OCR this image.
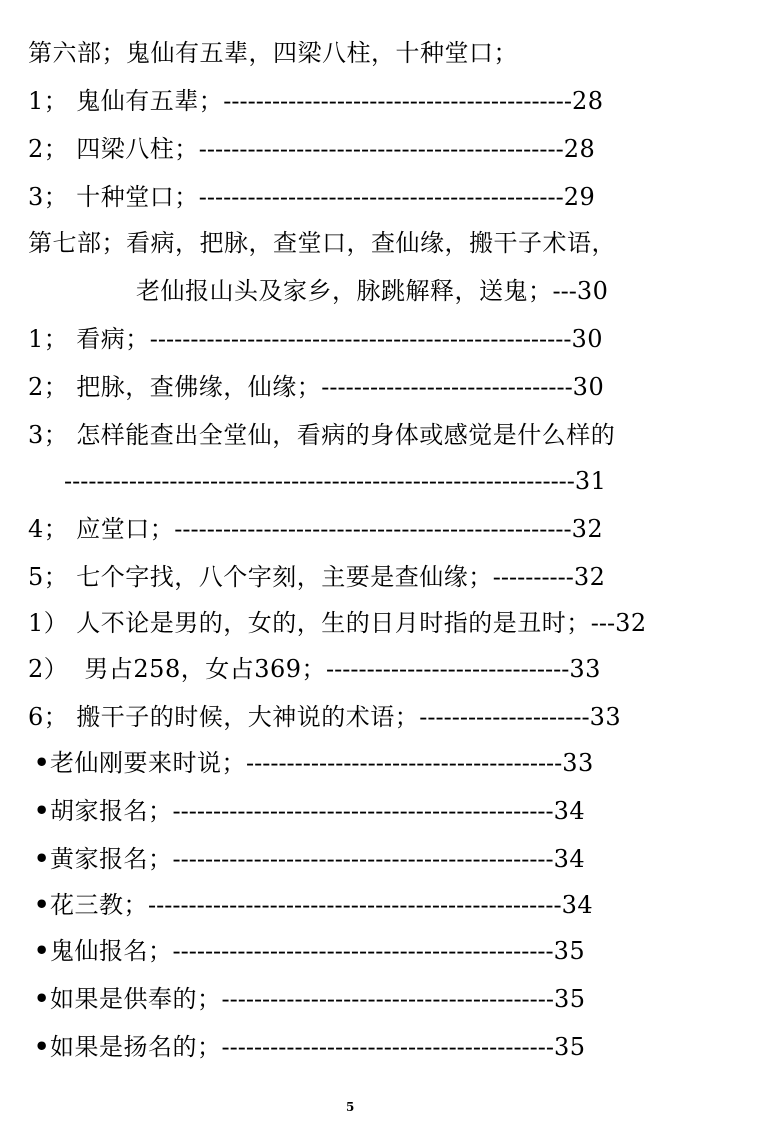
第六部；鬼仙有五辈，四梁八柱，十种堂口；
1； 鬼仙有五辈；-------------------------------------------28
2； 四梁八柱；---------------------------------------------28
3； 十种堂口；---------------------------------------------29
第七部；看病，把脉，查堂口，查仙缘，搬干子术语，
老仙报山头及家乡，脉跳解释，送鬼；---30
1； 看病；----------------------------------------------------30
2； 把脉，查佛缘，仙缘；-------------------------------30
3； 怎样能查出全堂仙，看病的身体或感觉是什么样的
---------------------------------------------------------------31
4； 应堂口；-------------------------------------------------32
5； 七个字找，八个字刻，主要是查仙缘；----------32
1） 人不论是男的，女的，生的日月时指的是丑时；---32
2） 男占258，女占369；------------------------------33
6； 搬干子的时候，大神说的术语；---------------------33
•老仙刚要来时说；---------------------------------------33
•胡家报名；-----------------------------------------------34
•黄家报名；-----------------------------------------------34
•花三教；---------------------------------------------------34
•鬼仙报名；-----------------------------------------------35
•如果是供奉的；-----------------------------------------35
•如果是扬名的；-----------------------------------------35
5
